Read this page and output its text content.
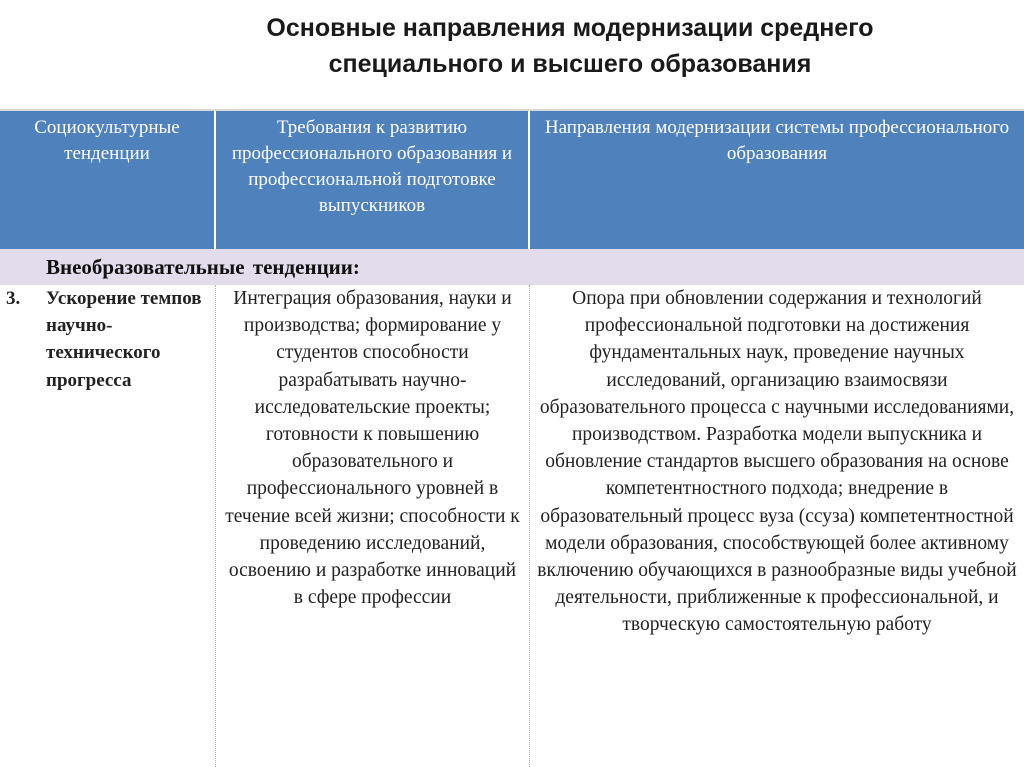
Основные направления модернизации среднего
специального и высшего образования
Социокультурные тенденции
Требования к развитию профессионального образования и профессиональной подготовке выпускников
Направления модернизации системы профессионального образования
Внеобразовательные тенденции:
3. Ускорение темпов научно-технического прогресса
Интеграция образования, науки и производства; формирование у студентов способности разрабатывать научно-исследовательские проекты; готовности к повышению образовательного и профессионального уровней в течение всей жизни; способности к проведению исследований, освоению и разработке инноваций в сфере профессии
Опора при обновлении содержания и технологий профессиональной подготовки на достижения фундаментальных наук, проведение научных исследований, организацию взаимосвязи образовательного процесса с научными исследованиями, производством. Разработка модели выпускника и обновление стандартов высшего образования на основе компетентностного подхода; внедрение в образовательный процесс вуза (ссуза) компетентностной модели образования, способствующей более активному включению обучающихся в разнообразные виды учебной деятельности, приближенные к профессиональной, и творческую самостоятельную работу
